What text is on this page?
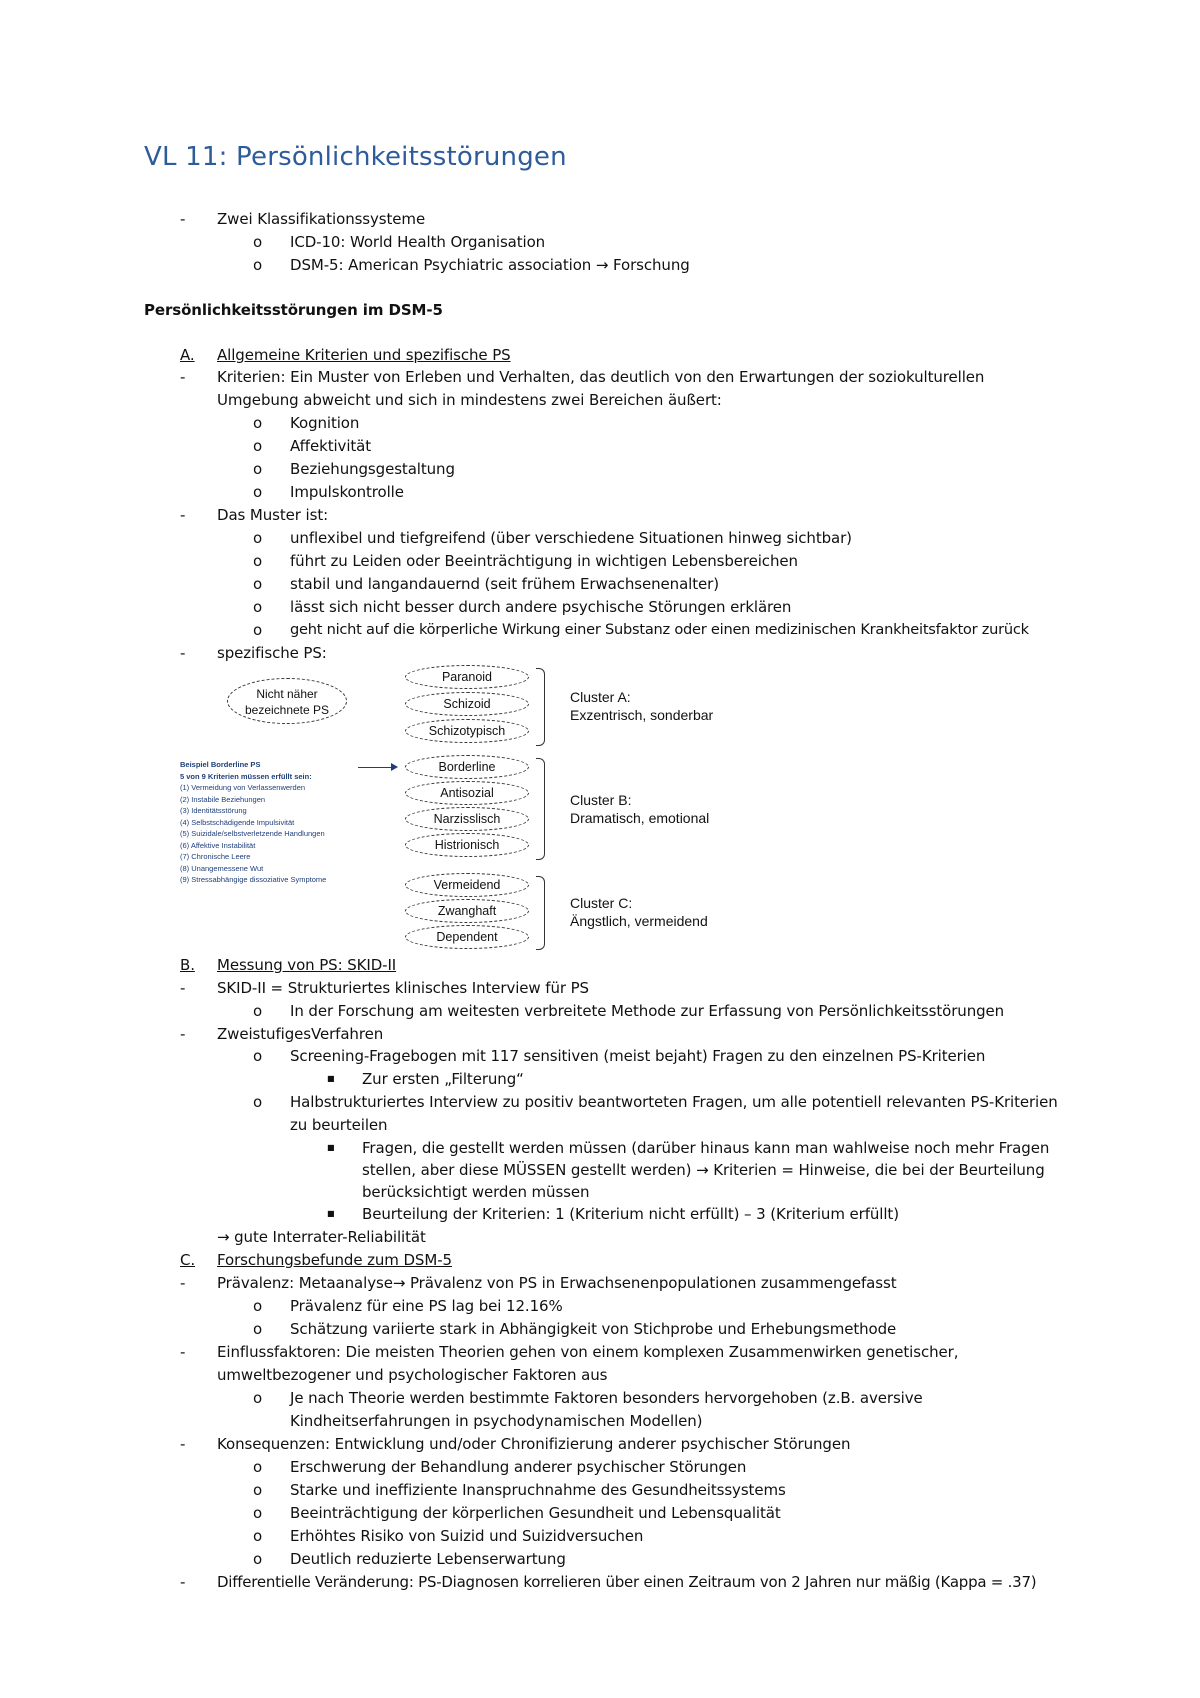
VL 11: Persönlichkeitsstörungen
- Zwei Klassifikationssysteme
o ICD-10: World Health Organisation
o DSM-5: American Psychiatric association → Forschung
Persönlichkeitsstörungen im DSM-5
A. Allgemeine Kriterien und spezifische PS
- Kriterien: Ein Muster von Erleben und Verhalten, das deutlich von den Erwartungen der soziokulturellen
Umgebung abweicht und sich in mindestens zwei Bereichen äußert:
o Kognition
o Affektivität
o Beziehungsgestaltung
o Impulskontrolle
- Das Muster ist:
o unflexibel und tiefgreifend (über verschiedene Situationen hinweg sichtbar)
o führt zu Leiden oder Beeinträchtigung in wichtigen Lebensbereichen
o stabil und langandauernd (seit frühem Erwachsenenalter)
o lässt sich nicht besser durch andere psychische Störungen erklären
o geht nicht auf die körperliche Wirkung einer Substanz oder einen medizinischen Krankheitsfaktor zurück
- spezifische PS:
Nicht näher
bezeichnete PS
Paranoid
Schizoid
Schizotypisch
Borderline
Antisozial
Narzisslisch
Histrionisch
Vermeidend
Zwanghaft
Dependent
Cluster A:
Exzentrisch, sonderbar
Cluster B:
Dramatisch, emotional
Cluster C:
Ängstlich, vermeidend
Beispiel Borderline PS
5 von 9 Kriterien müssen erfüllt sein:
(1) Vermeidung von Verlassenwerden
(2) Instabile Beziehungen
(3) Identitätsstörung
(4) Selbstschädigende Impulsivität
(5) Suizidale/selbstverletzende Handlungen
(6) Affektive Instabilität
(7) Chronische Leere
(8) Unangemessene Wut
(9) Stressabhängige dissoziative Symptome
B. Messung von PS: SKID-II
- SKID-II = Strukturiertes klinisches Interview für PS
o In der Forschung am weitesten verbreitete Methode zur Erfassung von Persönlichkeitsstörungen
- ZweistufigesVerfahren
o Screening-Fragebogen mit 117 sensitiven (meist bejaht) Fragen zu den einzelnen PS-Kriterien
■ Zur ersten „Filterung“
o Halbstrukturiertes Interview zu positiv beantworteten Fragen, um alle potentiell relevanten PS-Kriterien
zu beurteilen
■ Fragen, die gestellt werden müssen (darüber hinaus kann man wahlweise noch mehr Fragen
stellen, aber diese MÜSSEN gestellt werden) → Kriterien = Hinweise, die bei der Beurteilung
berücksichtigt werden müssen
■ Beurteilung der Kriterien: 1 (Kriterium nicht erfüllt) – 3 (Kriterium erfüllt)
→ gute Interrater-Reliabilität
C. Forschungsbefunde zum DSM-5
- Prävalenz: Metaanalyse→ Prävalenz von PS in Erwachsenenpopulationen zusammengefasst
o Prävalenz für eine PS lag bei 12.16%
o Schätzung variierte stark in Abhängigkeit von Stichprobe und Erhebungsmethode
- Einflussfaktoren: Die meisten Theorien gehen von einem komplexen Zusammenwirken genetischer,
umweltbezogener und psychologischer Faktoren aus
o Je nach Theorie werden bestimmte Faktoren besonders hervorgehoben (z.B. aversive
Kindheitserfahrungen in psychodynamischen Modellen)
- Konsequenzen: Entwicklung und/oder Chronifizierung anderer psychischer Störungen
o Erschwerung der Behandlung anderer psychischer Störungen
o Starke und ineffiziente Inanspruchnahme des Gesundheitssystems
o Beeinträchtigung der körperlichen Gesundheit und Lebensqualität
o Erhöhtes Risiko von Suizid und Suizidversuchen
o Deutlich reduzierte Lebenserwartung
- Differentielle Veränderung: PS-Diagnosen korrelieren über einen Zeitraum von 2 Jahren nur mäßig (Kappa = .37)
